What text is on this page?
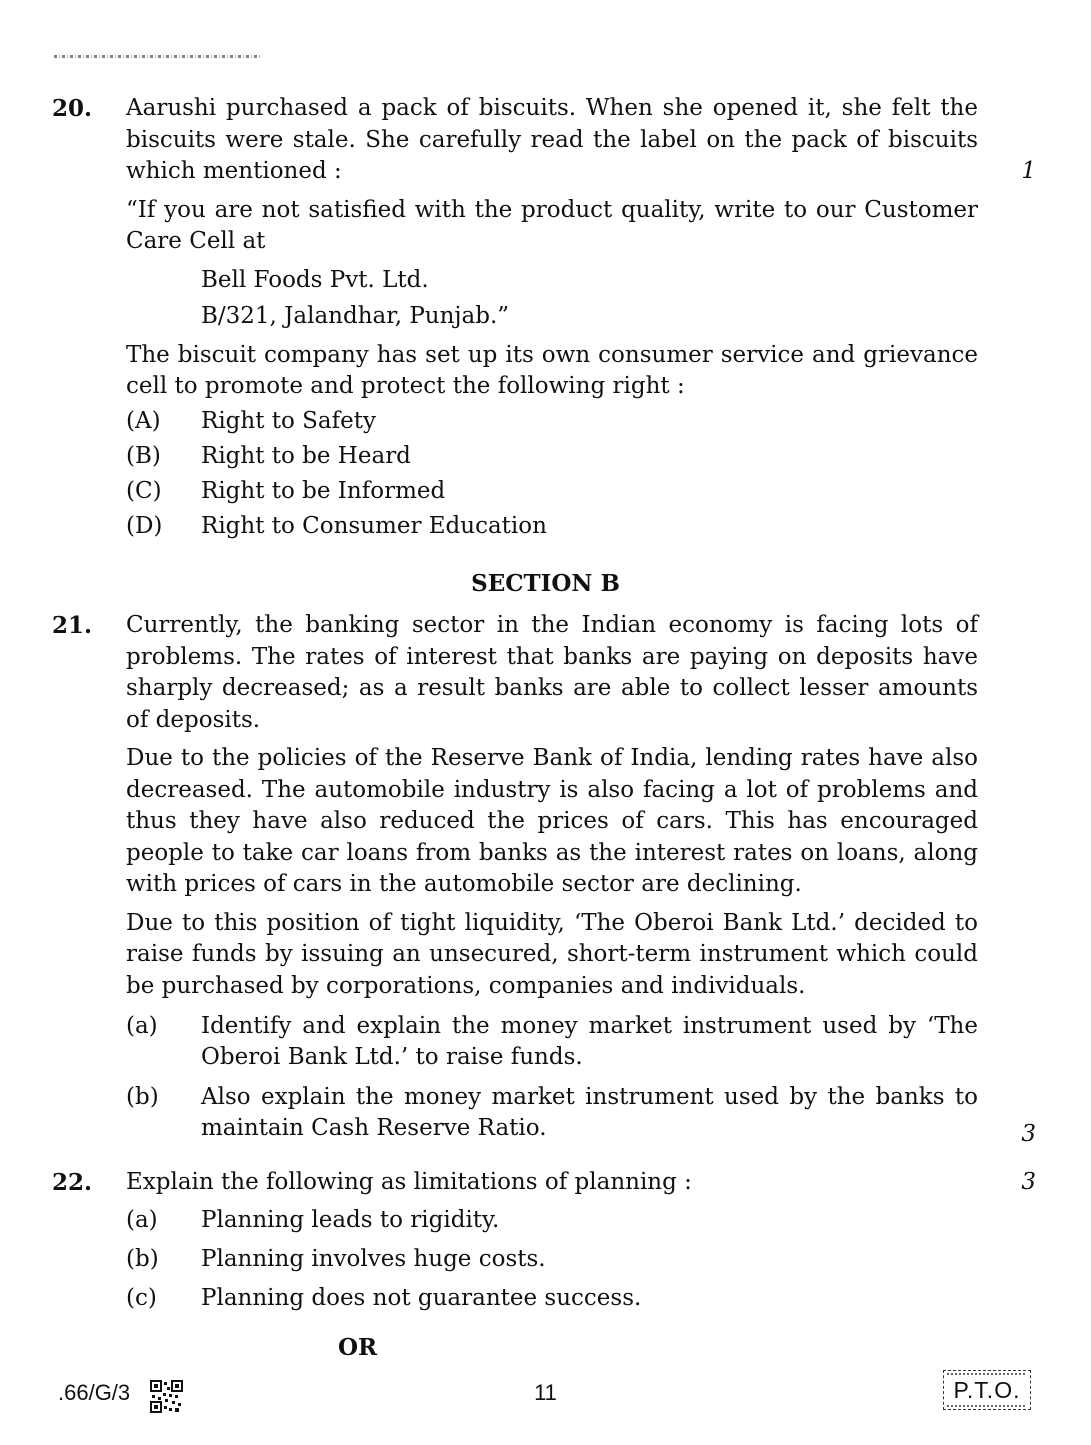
20.
1

Aarushi purchased a pack of biscuits. When she opened it, she felt the biscuits were stale. She carefully read the label on the pack of biscuits which mentioned :

“If you are not satisfied with the product quality, write to our Customer Care Cell at

Bell Foods Pvt. Ltd.
B/321, Jalandhar, Punjab.”

The biscuit company has set up its own consumer service and grievance cell to promote and protect the following right :

(A) Right to Safety
(B) Right to be Heard
(C) Right to be Informed
(D) Right to Consumer Education
SECTION B
21.
3

Currently, the banking sector in the Indian economy is facing lots of problems. The rates of interest that banks are paying on deposits have sharply decreased; as a result banks are able to collect lesser amounts of deposits.

Due to the policies of the Reserve Bank of India, lending rates have also decreased. The automobile industry is also facing a lot of problems and thus they have also reduced the prices of cars. This has encouraged people to take car loans from banks as the interest rates on loans, along with prices of cars in the automobile sector are declining.

Due to this position of tight liquidity, ‘The Oberoi Bank Ltd.’ decided to raise funds by issuing an unsecured, short-term instrument which could be purchased by corporations, companies and individuals.

(a) Identify and explain the money market instrument used by ‘The Oberoi Bank Ltd.’ to raise funds.
(b) Also explain the money market instrument used by the banks to maintain Cash Reserve Ratio.
22.	3

Explain the following as limitations of planning :

(a) Planning leads to rigidity.
(b) Planning involves huge costs.
(c) Planning does not guarantee success.
OR
.66/G/3	11	P.T.O.
